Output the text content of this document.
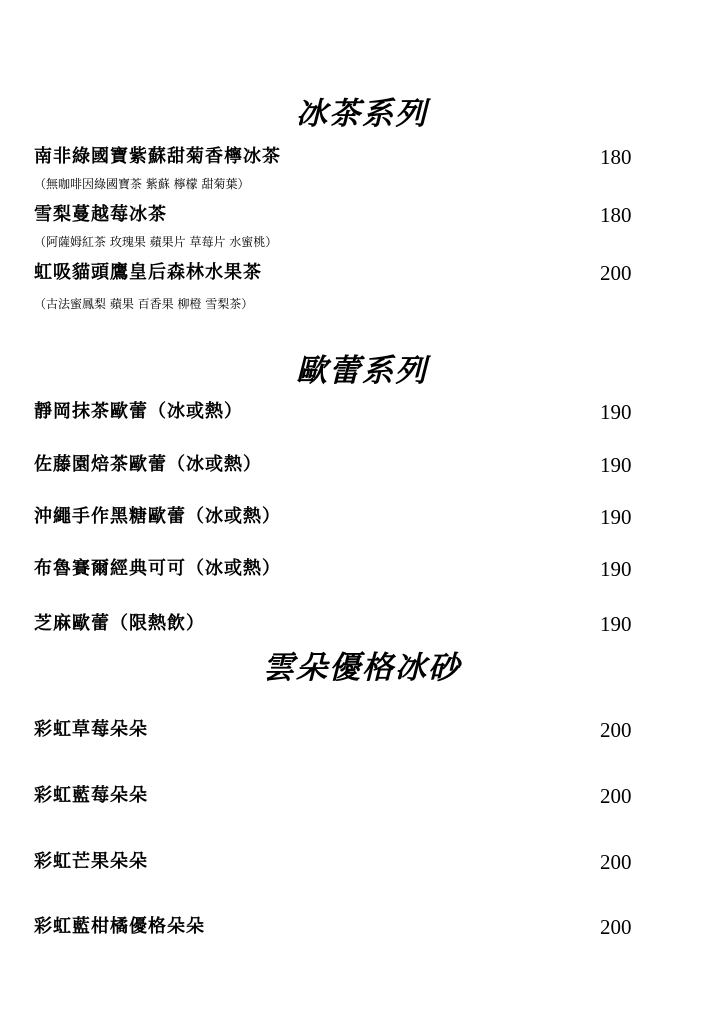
冰茶系列
南非綠國寶紫蘇甜菊香檸冰茶	180
（無咖啡因綠國寶茶 紫蘇 檸檬 甜菊葉）
雪梨蔓越莓冰茶	180
（阿薩姆紅茶 玫瑰果 蘋果片 草莓片 水蜜桃）
虹吸貓頭鷹皇后森林水果茶	200
（古法蜜鳳梨 蘋果 百香果 柳橙 雪梨茶）
歐蕾系列
靜岡抹茶歐蕾（冰或熱）	190
佐藤園焙茶歐蕾（冰或熱）	190
沖繩手作黑糖歐蕾（冰或熱）	190
布魯賽爾經典可可（冰或熱）	190
芝麻歐蕾（限熱飲）	190
雲朵優格冰砂
彩虹草莓朵朵	200
彩虹藍莓朵朵	200
彩虹芒果朵朵	200
彩虹藍柑橘優格朵朵	200
